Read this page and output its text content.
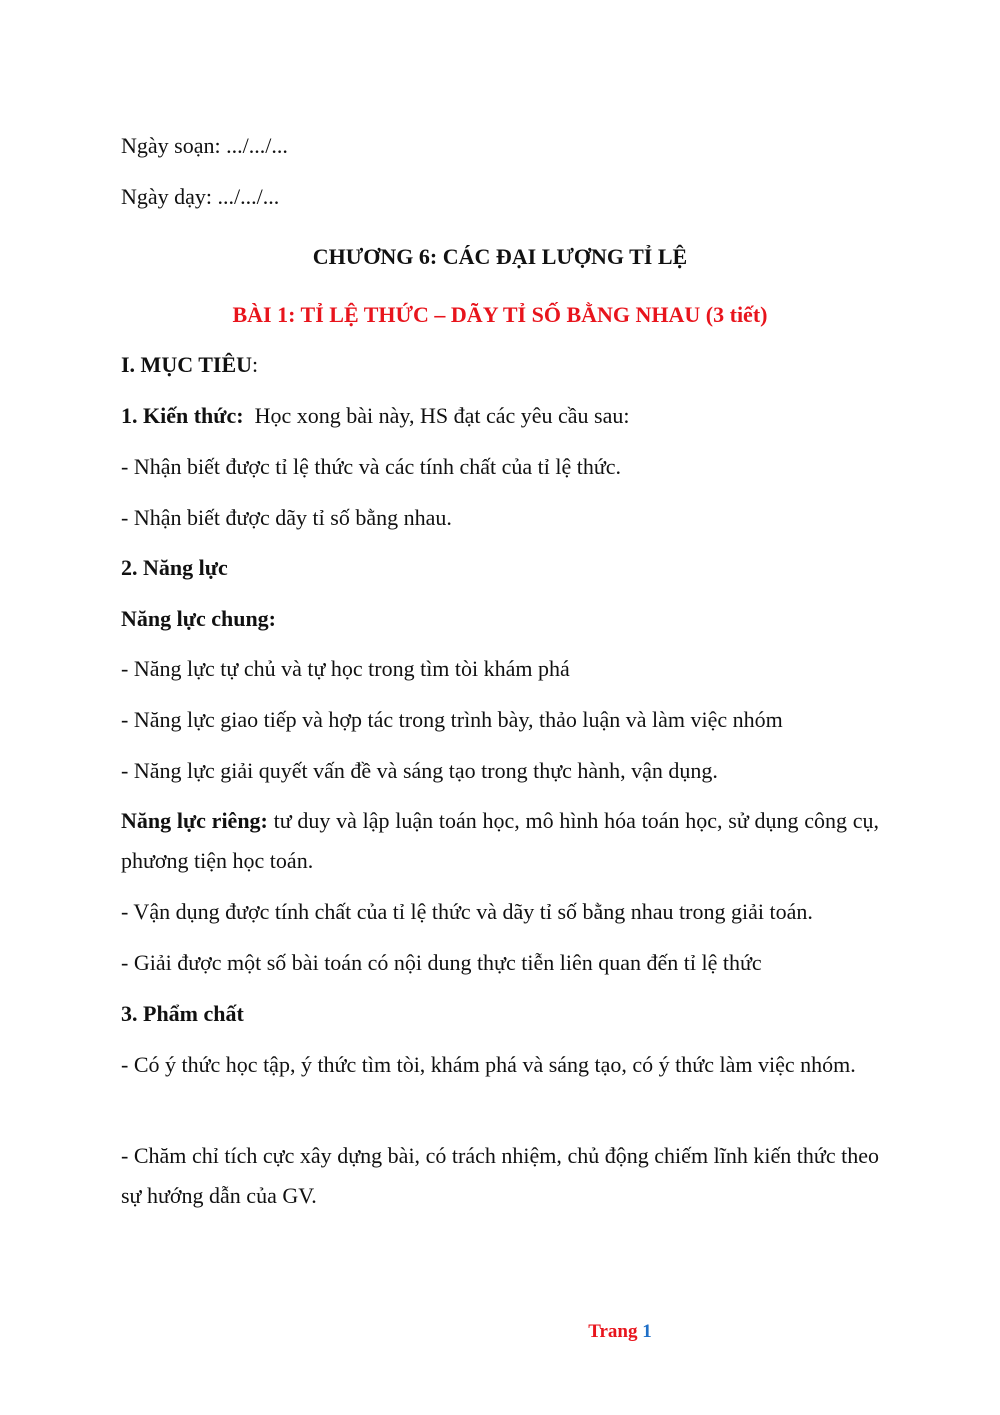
Ngày soạn: .../.../...
Ngày dạy: .../.../...
CHƯƠNG 6: CÁC ĐẠI LƯỢNG TỈ LỆ
BÀI 1: TỈ LỆ THỨC – DÃY TỈ SỐ BẰNG NHAU (3 tiết)
I. MỤC TIÊU:
1. Kiến thức:  Học xong bài này, HS đạt các yêu cầu sau:
- Nhận biết được tỉ lệ thức và các tính chất của tỉ lệ thức.
- Nhận biết được dãy tỉ số bằng nhau.
2. Năng lực
Năng lực chung:
- Năng lực tự chủ và tự học trong tìm tòi khám phá
- Năng lực giao tiếp và hợp tác trong trình bày, thảo luận và làm việc nhóm
- Năng lực giải quyết vấn đề và sáng tạo trong thực hành, vận dụng.
Năng lực riêng: tư duy và lập luận toán học, mô hình hóa toán học, sử dụng công cụ, phương tiện học toán.
- Vận dụng được tính chất của tỉ lệ thức và dãy tỉ số bằng nhau trong giải toán.
- Giải được một số bài toán có nội dung thực tiễn liên quan đến tỉ lệ thức
3. Phẩm chất
- Có ý thức học tập, ý thức tìm tòi, khám phá và sáng tạo, có ý thức làm việc nhóm.
- Chăm chỉ tích cực xây dựng bài, có trách nhiệm, chủ động chiếm lĩnh kiến thức theo sự hướng dẫn của GV.
Trang 1
